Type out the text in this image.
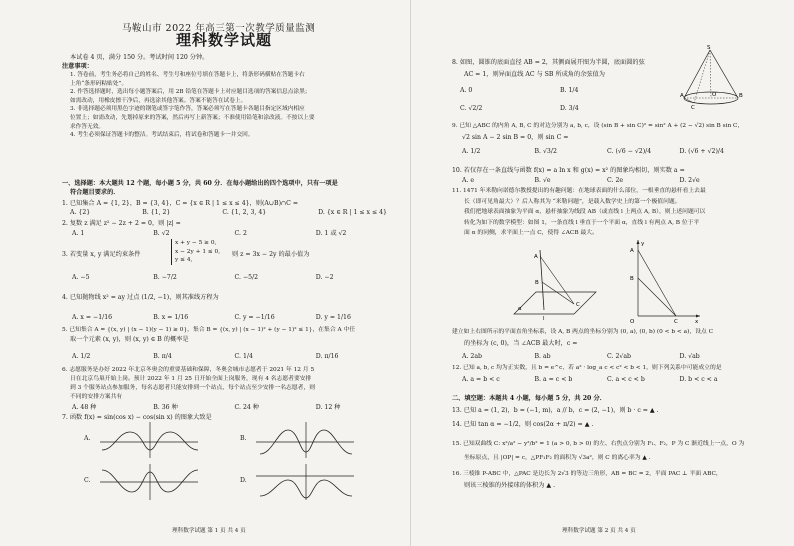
马鞍山市 2022 年高三第一次教学质量监测
理科数学试题
本试卷 4 页，满分 150 分。考试时间 120 分钟。
注意事项：
1. 答卷前，考生务必将自己的姓名、考生号和座位号填在答题卡上，将条形码横贴在答题卡右
上角“条形码粘贴处”。
2. 作答选择题时，选出每小题答案后，用 2B 铅笔在答题卡上对应题目选项的答案信息点涂黑；
如需改动，用橡皮擦干净后，再选涂其他答案。答案不能答在试卷上。
3. 非选择题必须用黑色字迹的钢笔或签字笔作答，答案必须写在答题卡各题目指定区域内相应
位置上；如需改动，先划掉原来的答案，然后再写上新答案；不准使用铅笔和涂改液。不按以上要
求作答无效。
4. 考生必须保证答题卡的整洁。考试结束后，将试卷和答题卡一并交回。
一、选择题：本大题共 12 个题，每小题 5 分，共 60 分．在每小题给出的四个选项中，只有一项是
符合题目要求的．
1. 已知集合 A = {1, 2}，B = {3, 4}，C = {x ∈ R | 1 ≤ x ≤ 4}，则(A∪B)∩C =
A. {2}	B. {1, 2}	C. {1, 2, 3, 4}	D. {x ∈ R | 1 ≤ x ≤ 4}
2. 复数 z 满足 z² − 2z + 2 = 0，则 |z| =
A. 1	B. √2	C. 2	D. 1 或 √2
3. 若变量 x, y 满足约束条件
x + y − 5 ≥ 0,
x − 2y + 1 ≤ 0,
y ≤ 4,
则 z = 3x − 2y 的最小值为
A. −5	B. −7/2	C. −5/2	D. −2
4. 已知抛物线 x² = ay 过点 (1/2, −1)，则其准线方程为
A. x = −1/16	B. x = 1/16	C. y = −1/16	D. y = 1/16
5. 已知集合 A = {(x, y) | (x − 1)(y − 1) ≥ 0}，集合 B = {(x, y) | (x − 1)² + (y − 1)² ≤ 1}，在集合 A 中任
取一个元素 (x, y)，则 (x, y) ∈ B 的概率是
A. 1/2	B. π/4	C. 1/4	D. π/16
6. 志愿服务是办好 2022 年北京冬奥会的重要基础和保障，冬奥会城市志愿者于 2021 年 12 月 5
日在北京鸟巢开始上岗。预计 2022 年 1 月 25 日开始全面上岗服务，现有 4 名志愿者要安排
到 3 个服务站点参加服务，每名志愿者只能安排到一个站点，每个站点至少安排一名志愿者，则
不同的安排方案共有
A. 48 种	B. 36 种	C. 24 种	D. 12 种
7. 函数 f(x) = sin(cos x) − cos(sin x) 的图象大致是
A.	B.
C.	D.
理科数学试题 第 1 页 共 4 页
8. 如图，圆锥的底面直径 AB = 2，其侧面展开图为半圆，底面圆的弦
AC = 1，则异面直线 AC 与 SB 所成角的余弦值为
A. 0	B. 1/4
C. √2/2	D. 3/4
S
A	O	B
C
9. 已知 △ABC 的内角 A, B, C 的对边分别为 a, b, c，设 (sin B + sin C)² = sin² A + (2 − √2) sin B sin C，
√2 sin A − 2 sin B = 0，则 sin C =
A. 1/2	B. √3/2	C. (√6 − √2)/4	D. (√6 + √2)/4
10. 若仅存在一条直线与函数 f(x) = a ln x 和 g(x) = x² 的图象均相切，则实数 a =
A. e	B. √e	C. 2e	D. 2√e
11. 1471 年米勒向诺德尔教授提出的有趣问题：在地球表面的什么部位，一根垂直的悬杆看上去最
长（即可见角最大）？后人称其为 “米勒问题”，是载入数学史上的第一个极值问题。
我们把地球表面抽象为平面 α，悬杆抽象为线段 AB（或直线 l 上两点 A, B），则上述问题可以
转化为如下的数学模型：如图 1，一条直线 l 垂直于一个平面 α，直线 l 有两点 A, B 位于平
面 α 的同侧，求平面上一点 C，使得 ∠ACB 最大。
A
B
C
α
l
y
A
B
O	C	x
建立如上右图所示的平面直角坐标系，设 A, B 两点的坐标分别为 (0, a), (0, b) (0 < b < a)，设点 C
的坐标为 (c, 0)，当 ∠ACB 最大时，c =
A. 2ab	B. ab	C. 2√ab	D. √ab
12. 已知 a, b, c 均为正实数，且 b = e^c，若 a² · log_a c < c² < b < 1，则下列关系中可能成立的是
A. a = b < c	B. a = c < b	C. a < c < b	D. b < c < a
二、填空题：本题共 4 小题，每小题 5 分，共 20 分．
13. 已知 a = (1, 2)，b = (−1, m)，a // b，c = (2, −1)，则 b · c = ▲ .
14. 已知 tan α = −1/2，则 cos(2α + π/2) = ▲ .
15. 已知双曲线 C: x²/a² − y²/b² = 1 (a > 0, b > 0) 的左、右焦点分别为 F₁、F₂，P 为 C 渐近线上一点，O 为
坐标原点，且 |OP| = c，△PF₁F₂ 的面积为 √3a²，则 C 的离心率为 ▲ .
16. 三棱锥 P-ABC 中，△PAC 是边长为 2√3 的等边三角形，AB = BC = 2，平面 PAC ⊥ 平面 ABC，
则该三棱锥的外接球的体积为 ▲ .
理科数学试题 第 2 页 共 4 页
